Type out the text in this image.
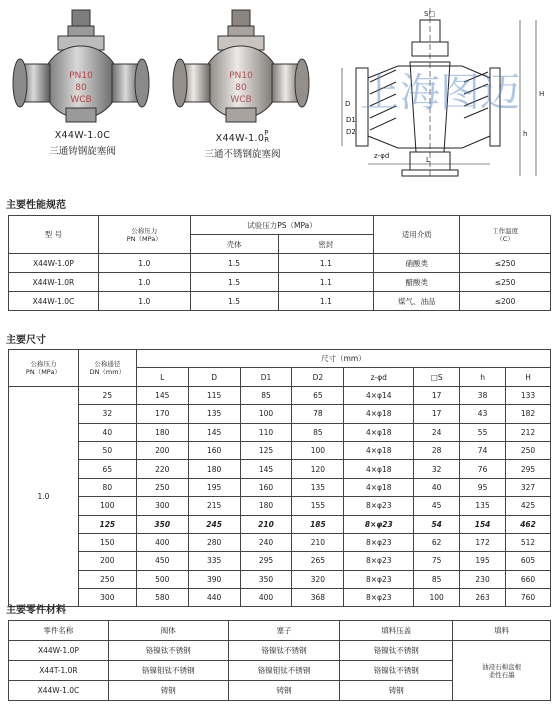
PN10
80
WCB
X44W-1.0C
三通铸钢旋塞阀
PN10
80
WCB
X44W-1.0P
R
三通不锈钢旋塞阀
上海图迈
S□
H
h
D
D1
D2
L
z-φd
主要性能规范
型 号	公称压力
PN（MPa）	试验压力PS（MPa）		适用介质	工作温度
（C）
		壳体	密封		
X44W-1.0P	1.0	1.5	1.1	硝酸类	≤250
X44W-1.0R	1.0	1.5	1.1	醋酸类	≤250
X44W-1.0C	1.0	1.5	1.1	煤气、油品	≤200
主要尺寸
公称压力
PN（MPa）	公称通径
DN（mm）	尺寸（mm）							
		L	D	D1	D2	z-φd	□S	h	H
1.0	25	145	115	85	65	4×φ14	17	38	133
	32	170	135	100	78	4×φ18	17	43	182
	40	180	145	110	85	4×φ18	24	55	212
	50	200	160	125	100	4×φ18	28	74	250
	65	220	180	145	120	4×φ18	32	76	295
	80	250	195	160	135	4×φ18	40	95	327
	100	300	215	180	155	8×φ23	45	135	425
	125	350	245	210	185	8×φ23	54	154	462
	150	400	280	240	210	8×φ23	62	172	512
	200	450	335	295	265	8×φ23	75	195	605
	250	500	390	350	320	8×φ23	85	230	660
	300	580	440	400	368	8×φ23	100	263	760
主要零件材料
零件名称	阀体	塞子	填料压盖	填料
X44W-1.0P	铬镍钛不锈钢	铬镍钛不锈钢	铬镍钛不锈钢	油浸石棉盘根
柔性石墨
X44T-1.0R	铬镍钼钛不锈钢	铬镍钼钛不锈钢	铬镍钛不锈钢	
X44W-1.0C	铸钢	铸钢	铸钢	
